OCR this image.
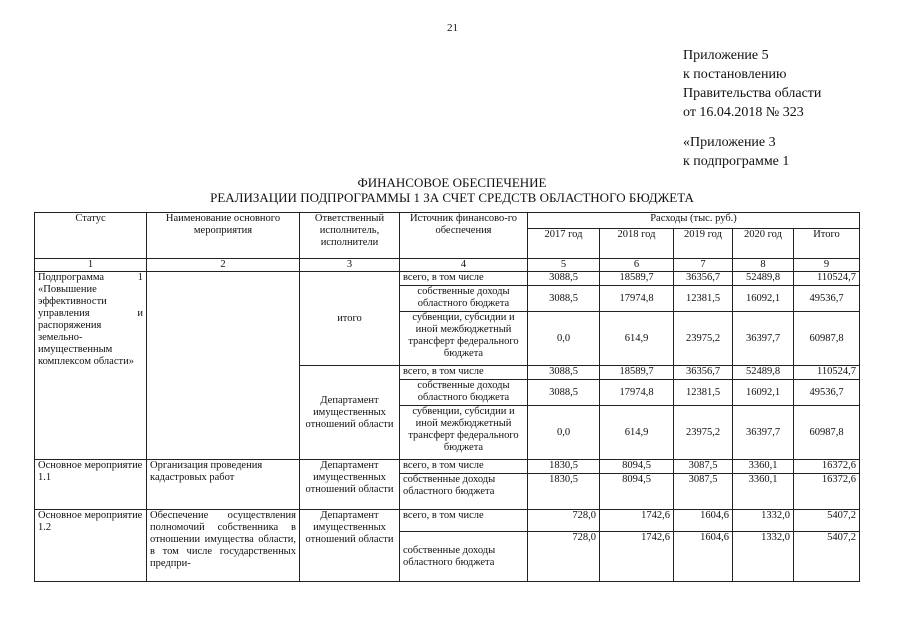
21
Приложение 5
к постановлению
Правительства области
от 16.04.2018 № 323
«Приложение 3
к подпрограмме 1
ФИНАНСОВОЕ ОБЕСПЕЧЕНИЕ
РЕАЛИЗАЦИИ ПОДПРОГРАММЫ 1 ЗА СЧЕТ СРЕДСТВ ОБЛАСТНОГО БЮДЖЕТА
Статус	Наименование основного мероприятия	Ответственный исполнитель, исполнители	Источник финансово-го обеспечения	Расходы (тыс. руб.)				
				2017 год	2018 год	2019 год	2020 год	Итого
1	2	3	4	5	6	7	8	9
Подпрограмма 1 «Повышение эффективности управления и распоряжения земельно-имущественным комплексом области»		итого	всего, в том числе	3088,5	18589,7	36356,7	52489,8	110524,7
			собственные доходы областного бюджета	3088,5	17974,8	12381,5	16092,1	49536,7
			субвенции, субсидии и иной межбюджетный трансферт федерального бюджета	0,0	614,9	23975,2	36397,7	60987,8
		Департамент имущественных отношений области	всего, в том числе	3088,5	18589,7	36356,7	52489,8	110524,7
			собственные доходы областного бюджета	3088,5	17974,8	12381,5	16092,1	49536,7
			субвенции, субсидии и иной межбюджетный трансферт федерального бюджета	0,0	614,9	23975,2	36397,7	60987,8
Основное мероприятие 1.1	Организация проведения кадастровых работ	Департамент имущественных отношений области	всего, в том числе	1830,5	8094,5	3087,5	3360,1	16372,6
			собственные доходы областного бюджета	1830,5	8094,5	3087,5	3360,1	16372,6
Основное мероприятие 1.2	Обеспечение осуществления полномочий собственника в отношении имущества области, в том числе государственных предпри-	Департамент имущественных отношений области	всего, в том числе	728,0	1742,6	1604,6	1332,0	5407,2
			собственные доходы областного бюджета	728,0	1742,6	1604,6	1332,0	5407,2
